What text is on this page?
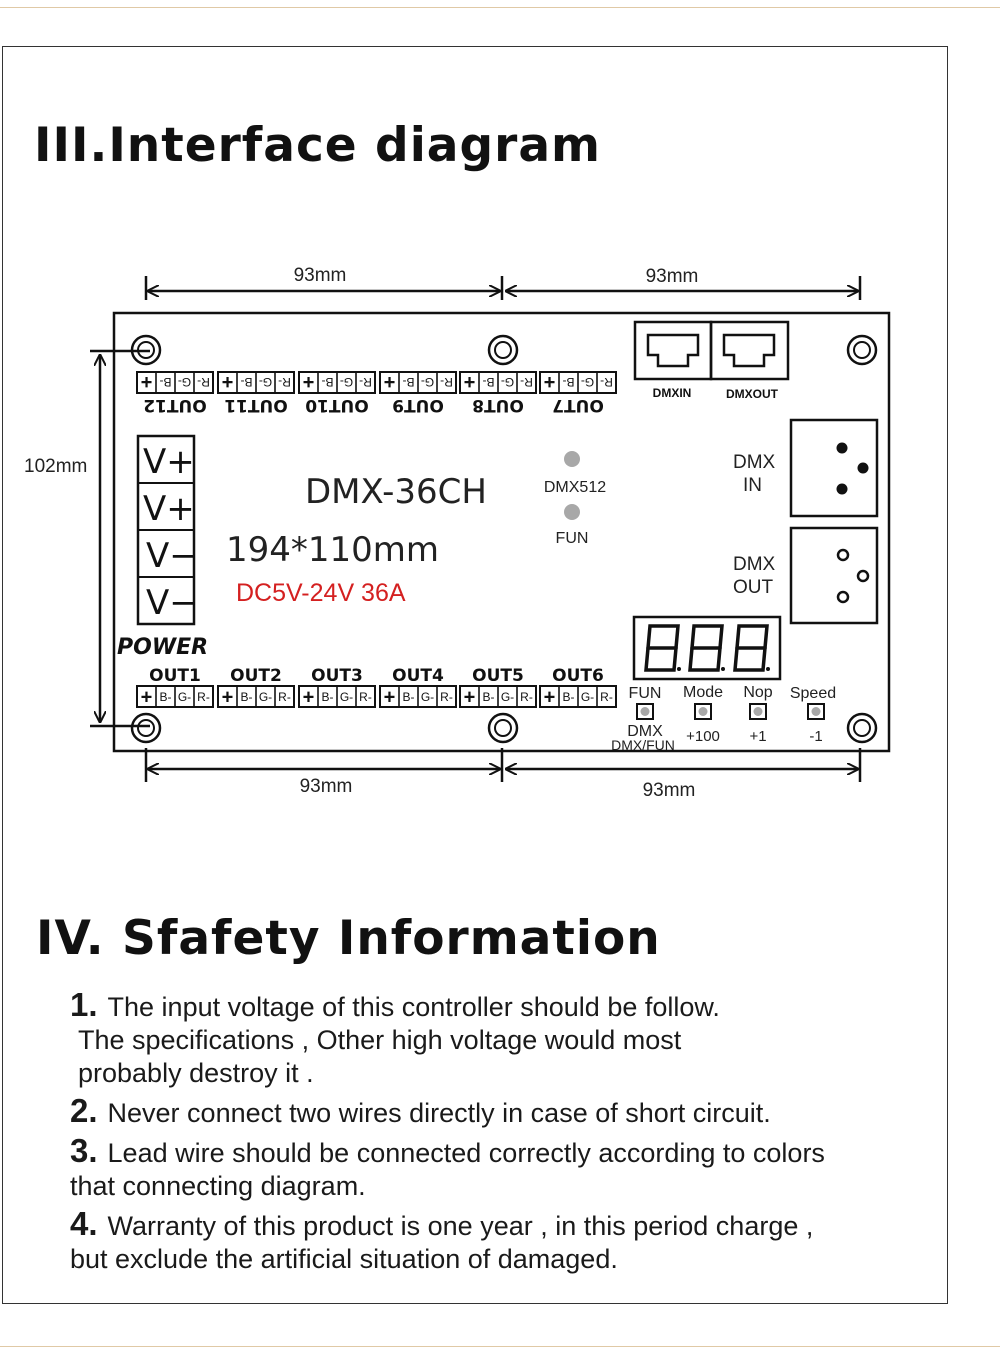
III.Interface diagram
93mm	93mm
93mm	93mm
102mm
+ B- G- R-
OUT12
+ B- G- R-
OUT11
+ B- G- R-
OUT10
+ B- G- R-
OUT9
+ B- G- R-
OUT8
+ B- G- R-
OUT7
+ B- G- R-
OUT1
+ B- G- R-
OUT2
+ B- G- R-
OUT3
+ B- G- R-
OUT4
+ B- G- R-
OUT5
+ B- G- R-
OUT6
V+
V+
V−
V−
POWER
DMX-36CH
194*110mm
DC5V-24V 36A
DMX512
FUN
DMXIN	DMXOUT
DMX
IN
DMX
OUT
FUN Mode Nop Speed
DMX
DMX/FUN +100 +1	-1
IV. Sfafety Information
1. The input voltage of this controller should be follow.
The specifications , Other high voltage would most
probably destroy it .
2. Never connect two wires directly in case of short circuit.
3. Lead wire should be connected correctly according to colors
that connecting diagram.
4. Warranty of this product is one year , in this period charge ,
but exclude the artificial situation of damaged.
